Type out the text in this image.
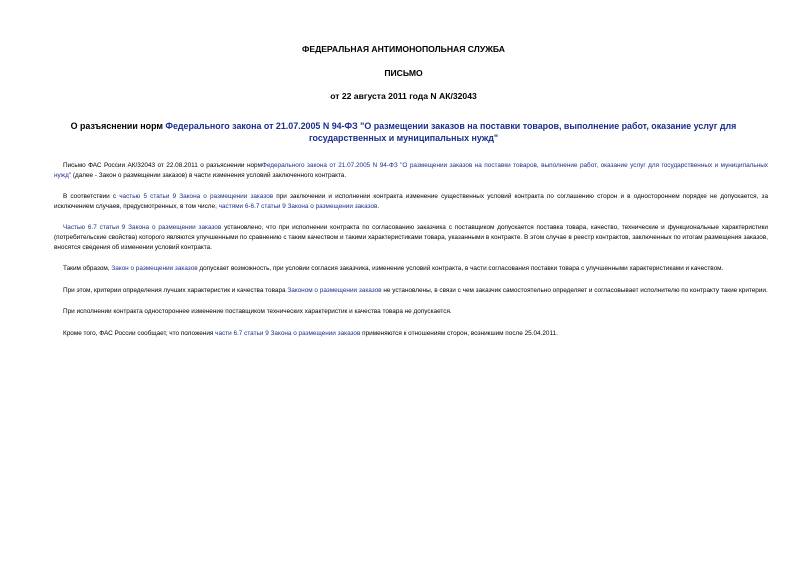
ФЕДЕРАЛЬНАЯ АНТИМОНОПОЛЬНАЯ СЛУЖБА
ПИСЬМО
от 22 августа 2011 года N АК/32043
О разъяснении норм Федерального закона от 21.07.2005 N 94-ФЗ "О размещении заказов на поставки товаров, выполнение работ, оказание услуг для государственных и муниципальных нужд"

Письмо ФАС России АК/32043 от 22.08.2011 о разъяснении нормФедерального закона от 21.07.2005 N 94-ФЗ "О размещении заказов на поставки товаров, выполнение работ, оказание услуг для государственных и муниципальных нужд" (далее - Закон о размещении заказов) в части изменения условий заключенного контракта.

В соответствии с частью 5 статьи 9 Закона о размещении заказов при заключении и исполнении контракта изменение существенных условий контракта по соглашению сторон и в одностороннем порядке не допускается, за исключением случаев, предусмотренных, в том числе, частями 6-6.7 статьи 9 Закона о размещении заказов.

Частью 6.7 статьи 9 Закона о размещении заказов установлено, что при исполнении контракта по согласованию заказчика с поставщиком допускается поставка товара, качество, технические и функциональные характеристики (потребительские свойства) которого являются улучшенными по сравнению с таким качеством и такими характеристиками товара, указанными в контракте. В этом случае в реестр контрактов, заключенных по итогам размещения заказов, вносятся сведения об изменении условий контракта.

Таким образом, Закон о размещении заказов допускает возможность, при условии согласия заказчика, изменение условий контракта, в части согласования поставки товара с улучшенными характеристиками и качеством.

При этом, критерии определения лучших характеристик и качества товара Законом о размещении заказов не установлены, в связи с чем заказчик самостоятельно определяет и согласовывает исполнителю по контракту такие критерии.

При исполнении контракта одностороннее изменение поставщиком технических характеристик и качества товара не допускается.

Кроме того, ФАС России сообщает, что положения части 6.7 статьи 9 Закона о размещении заказов применяются к отношениям сторон, возникшим после 25.04.2011.
